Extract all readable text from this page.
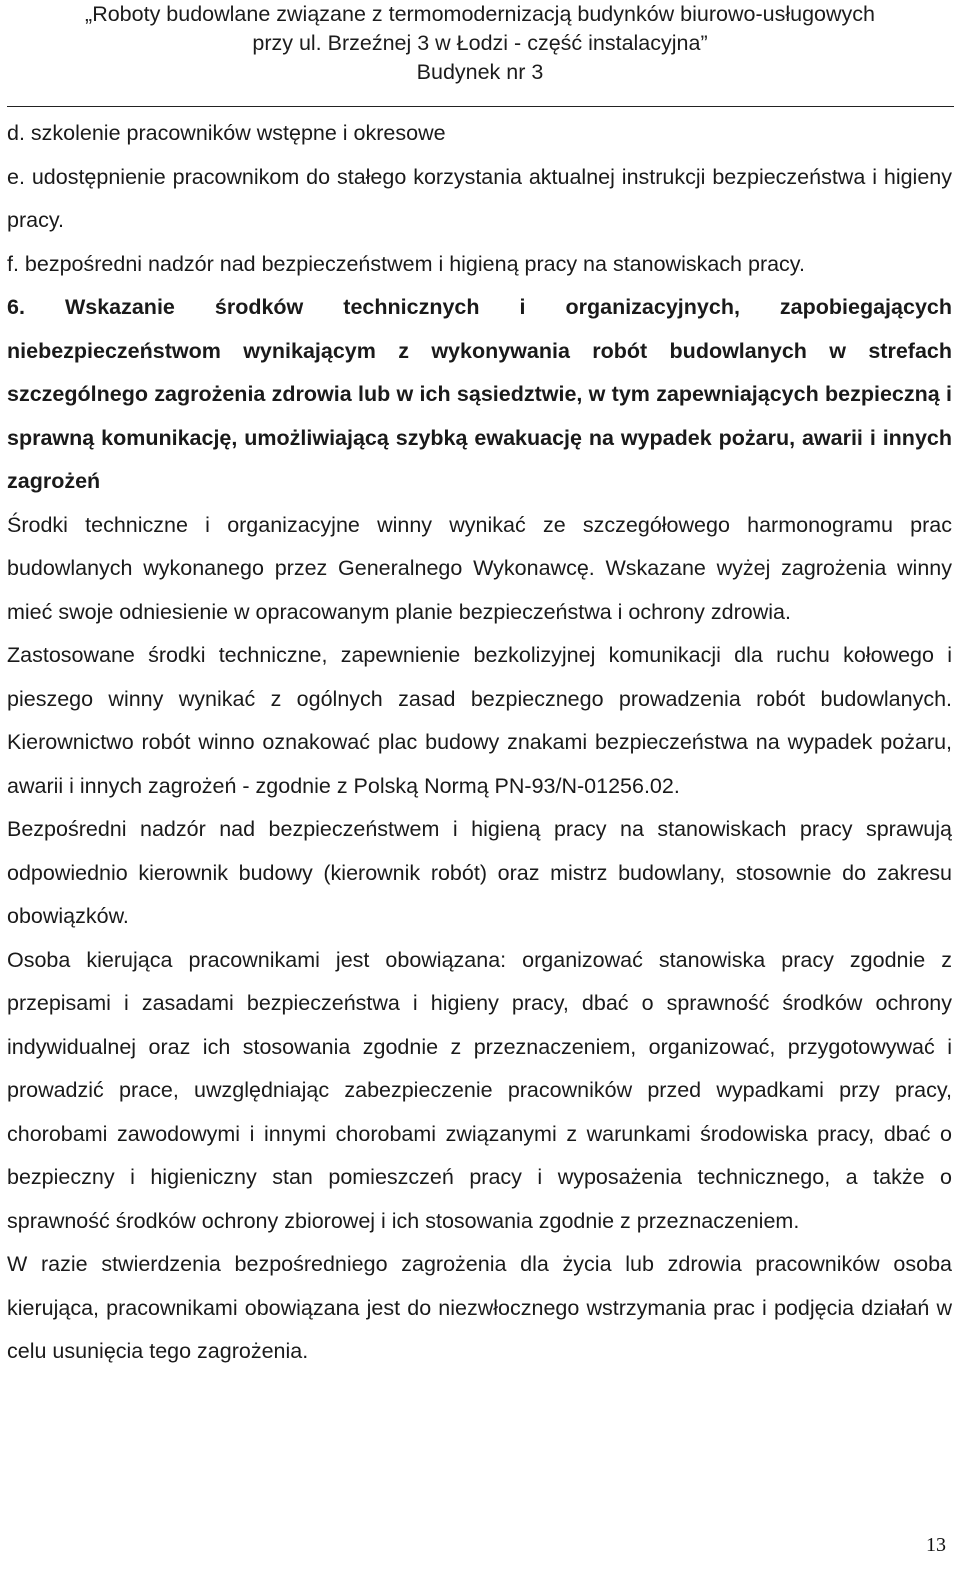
„Roboty budowlane związane z termomodernizacją budynków biurowo-usługowych
przy ul. Brzeźnej 3 w Łodzi - część instalacyjna”
Budynek nr 3

d. szkolenie pracowników wstępne i okresowe

e. udostępnienie pracownikom do stałego korzystania aktualnej instrukcji bezpieczeństwa i higieny pracy.

f. bezpośredni nadzór nad bezpieczeństwem i higieną pracy na stanowiskach pracy.

6. Wskazanie środków technicznych i organizacyjnych, zapobiegających niebezpieczeństwom wynikającym z wykonywania robót budowlanych w strefach szczególnego zagrożenia zdrowia lub w ich sąsiedztwie, w tym zapewniających bezpieczną i sprawną komunikację, umożliwiającą szybką ewakuację na wypadek pożaru, awarii i innych zagrożeń

Środki techniczne i organizacyjne winny wynikać ze szczegółowego harmonogramu prac budowlanych wykonanego przez Generalnego Wykonawcę. Wskazane wyżej zagrożenia winny mieć swoje odniesienie w opracowanym planie bezpieczeństwa i ochrony zdrowia.

Zastosowane środki techniczne, zapewnienie bezkolizyjnej komunikacji dla ruchu kołowego i pieszego winny wynikać z ogólnych zasad bezpiecznego prowadzenia robót budowlanych. Kierownictwo robót winno oznakować plac budowy znakami bezpieczeństwa na wypadek pożaru, awarii i innych zagrożeń - zgodnie z Polską Normą PN-93/N-01256.02.

Bezpośredni nadzór nad bezpieczeństwem i higieną pracy na stanowiskach pracy sprawują odpowiednio kierownik budowy (kierownik robót) oraz mistrz budowlany, stosownie do zakresu obowiązków.

Osoba kierująca pracownikami jest obowiązana: organizować stanowiska pracy zgodnie z przepisami i zasadami bezpieczeństwa i higieny pracy, dbać o sprawność środków ochrony indywidualnej oraz ich stosowania zgodnie z przeznaczeniem, organizować, przygotowywać i prowadzić prace, uwzględniając zabezpieczenie pracowników przed wypadkami przy pracy, chorobami zawodowymi i innymi chorobami związanymi z warunkami środowiska pracy, dbać o bezpieczny i higieniczny stan pomieszczeń pracy i wyposażenia technicznego, a także o sprawność środków ochrony zbiorowej i ich stosowania zgodnie z przeznaczeniem.

W razie stwierdzenia bezpośredniego zagrożenia dla życia lub zdrowia pracowników osoba kierująca, pracownikami obowiązana jest do niezwłocznego wstrzymania prac i podjęcia działań w celu usunięcia tego zagrożenia.

13
